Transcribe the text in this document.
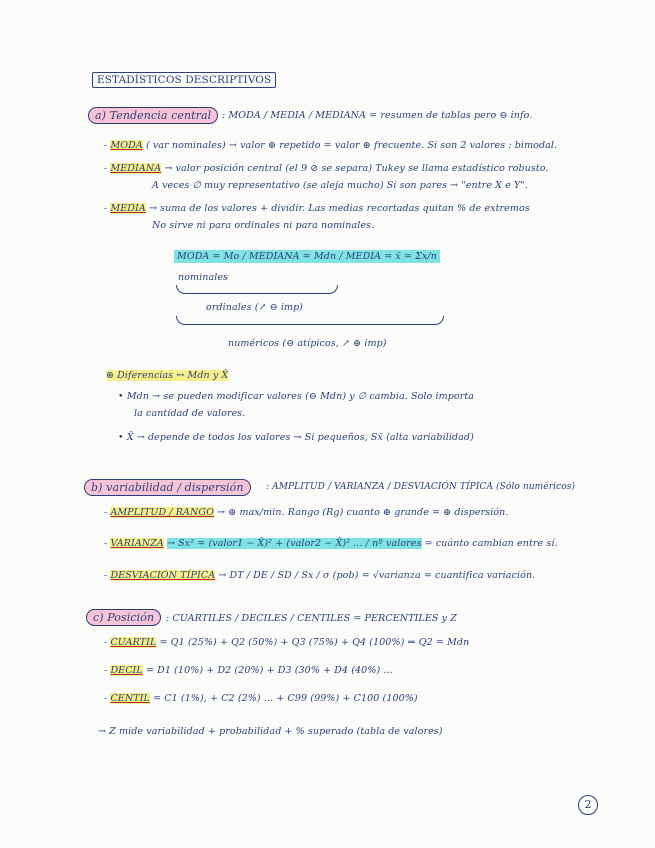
ESTADÍSTICOS DESCRIPTIVOS
a) Tendencia central	: MODA / MEDIA / MEDIANA = resumen de tablas pero ⊖ info.
- MODA ( var nominales) → valor ⊕ repetido = valor ⊕ frecuente. Si son 2 valores : bimodal.
- MEDIANA → valor posición central (el 9 ⊘ se separa) Tukey se llama estadístico robusto.
A veces ∅ muy representativo (se aleja mucho) Si son pares → "entre X e Y".
- MEDIA → suma de los valores + dividir. Las medias recortadas quitan % de extremos
No sirve ni para ordinales ni para nominales.
MODA = Mo / MEDIANA = Mdn / MEDIA = x̄ = Σx/n
nominales
ordinales (↗ ⊖ imp)
numéricos (⊖ atípicos, ↗ ⊕ imp)
⊛ Diferencias ↔ Mdn y X̄
• Mdn → se pueden modificar valores (⊖ Mdn) y ∅ cambia. Solo importa
la cantidad de valores.
• X̄ → depende de todos los valores → Si pequeños, Sx̄ (alta variabilidad)
b) variabilidad / dispersión	: AMPLITUD / VARIANZA / DESVIACIÓN TÍPICA (Sólo numéricos)
- AMPLITUD / RANGO → ⊕ max/min. Rango (Rg) cuanto ⊕ grande = ⊕ dispersión.
- VARIANZA → Sx² = (valor1 − X̄)² + (valor2 − X̄)² ... / nº valores = cuánto cambian entre sí.
- DESVIACIÓN TÍPICA → DT / DE / SD / Sx / σ (pob) = √varianza = cuantifica variación.
c) Posición	: CUARTILES / DECILES / CENTILES = PERCENTILES y Z
- CUARTIL = Q1 (25%) + Q2 (50%) + Q3 (75%) + Q4 (100%) ⇒ Q2 = Mdn
- DECIL = D1 (10%) + D2 (20%) + D3 (30% + D4 (40%) ...
- CENTIL = C1 (1%), + C2 (2%) ... + C99 (99%) + C100 (100%)
→ Z mide variabilidad + probabilidad + % superado (tabla de valores)
2
